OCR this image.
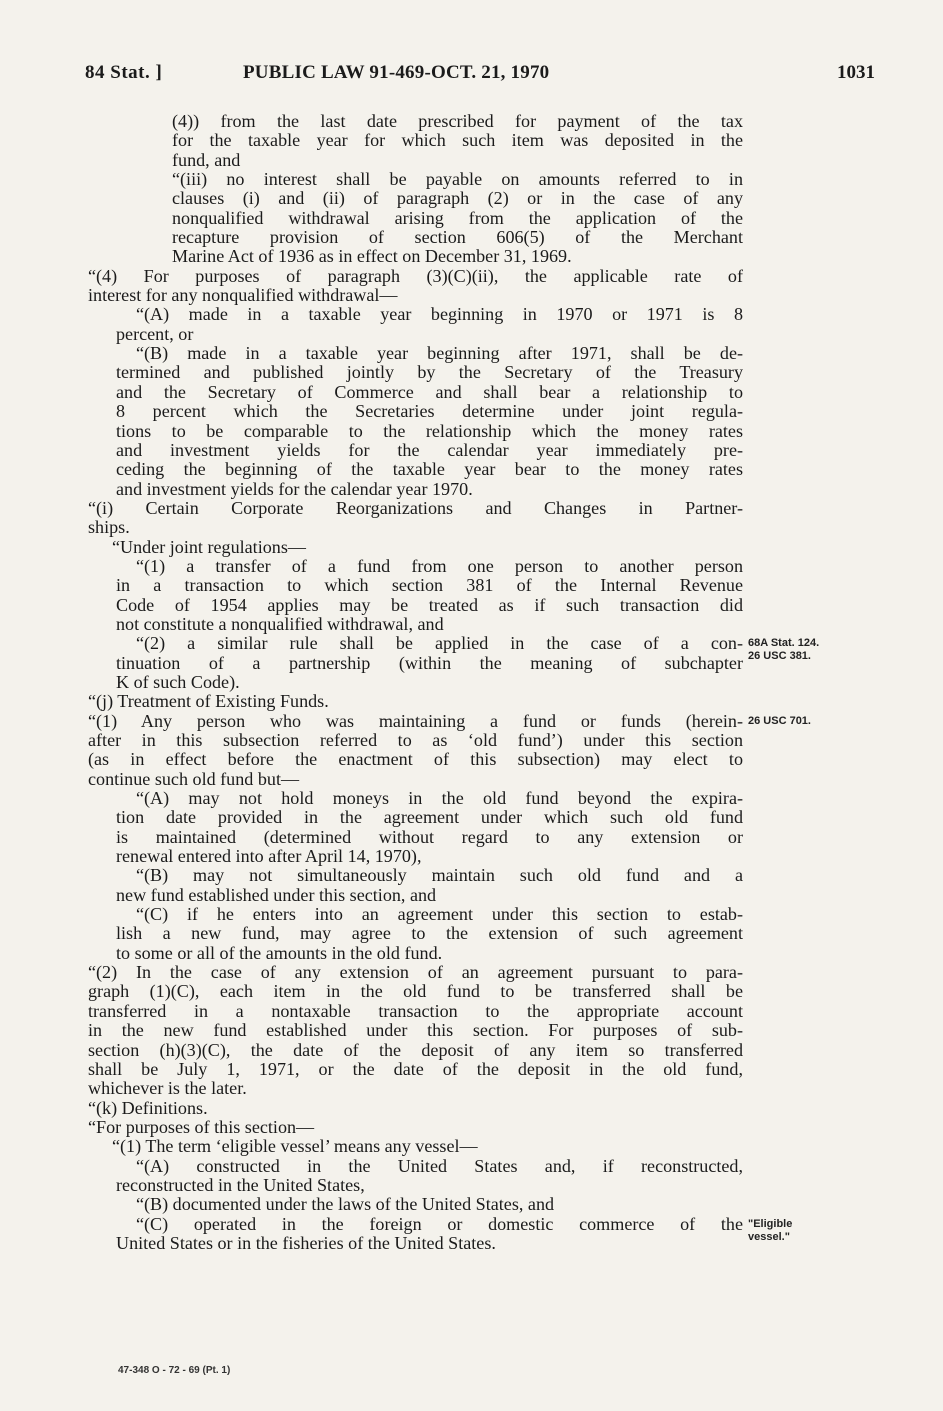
84 Stat. ]	PUBLIC LAW 91-469-OCT. 21, 1970	1031
(4)) from the last date prescribed for payment of the tax
for the taxable year for which such item was deposited in the
fund, and
“(iii) no interest shall be payable on amounts referred to in
clauses (i) and (ii) of paragraph (2) or in the case of any
nonqualified withdrawal arising from the application of the
recapture provision of section 606(5) of the Merchant
Marine Act of 1936 as in effect on December 31, 1969.
“(4) For purposes of paragraph (3)(C)(ii), the applicable rate of
interest for any nonqualified withdrawal—
“(A) made in a taxable year beginning in 1970 or 1971 is 8
percent, or
“(B) made in a taxable year beginning after 1971, shall be de-
termined and published jointly by the Secretary of the Treasury
and the Secretary of Commerce and shall bear a relationship to
8 percent which the Secretaries determine under joint regula-
tions to be comparable to the relationship which the money rates
and investment yields for the calendar year immediately pre-
ceding the beginning of the taxable year bear to the money rates
and investment yields for the calendar year 1970.
“(i) Certain Corporate Reorganizations and Changes in Partner-
ships.
“Under joint regulations—
“(1) a transfer of a fund from one person to another person
in a transaction to which section 381 of the Internal Revenue
Code of 1954 applies may be treated as if such transaction did
not constitute a nonqualified withdrawal, and
“(2) a similar rule shall be applied in the case of a con-
tinuation of a partnership (within the meaning of subchapter
K of such Code).
“(j) Treatment of Existing Funds.
“(1) Any person who was maintaining a fund or funds (herein-
after in this subsection referred to as ‘old fund’) under this section
(as in effect before the enactment of this subsection) may elect to
continue such old fund but—
“(A) may not hold moneys in the old fund beyond the expira-
tion date provided in the agreement under which such old fund
is maintained (determined without regard to any extension or
renewal entered into after April 14, 1970),
“(B) may not simultaneously maintain such old fund and a
new fund established under this section, and
“(C) if he enters into an agreement under this section to estab-
lish a new fund, may agree to the extension of such agreement
to some or all of the amounts in the old fund.
“(2) In the case of any extension of an agreement pursuant to para-
graph (1)(C), each item in the old fund to be transferred shall be
transferred in a nontaxable transaction to the appropriate account
in the new fund established under this section. For purposes of sub-
section (h)(3)(C), the date of the deposit of any item so transferred
shall be July 1, 1971, or the date of the deposit in the old fund,
whichever is the later.
“(k) Definitions.
“For purposes of this section—
“(1) The term ‘eligible vessel’ means any vessel—
“(A) constructed in the United States and, if reconstructed,
reconstructed in the United States,
“(B) documented under the laws of the United States, and
“(C) operated in the foreign or domestic commerce of the
United States or in the fisheries of the United States.
68A Stat. 124.
26 USC 381.
26 USC 701.
"Eligible
vessel."
47-348 O - 72 - 69 (Pt. 1)
